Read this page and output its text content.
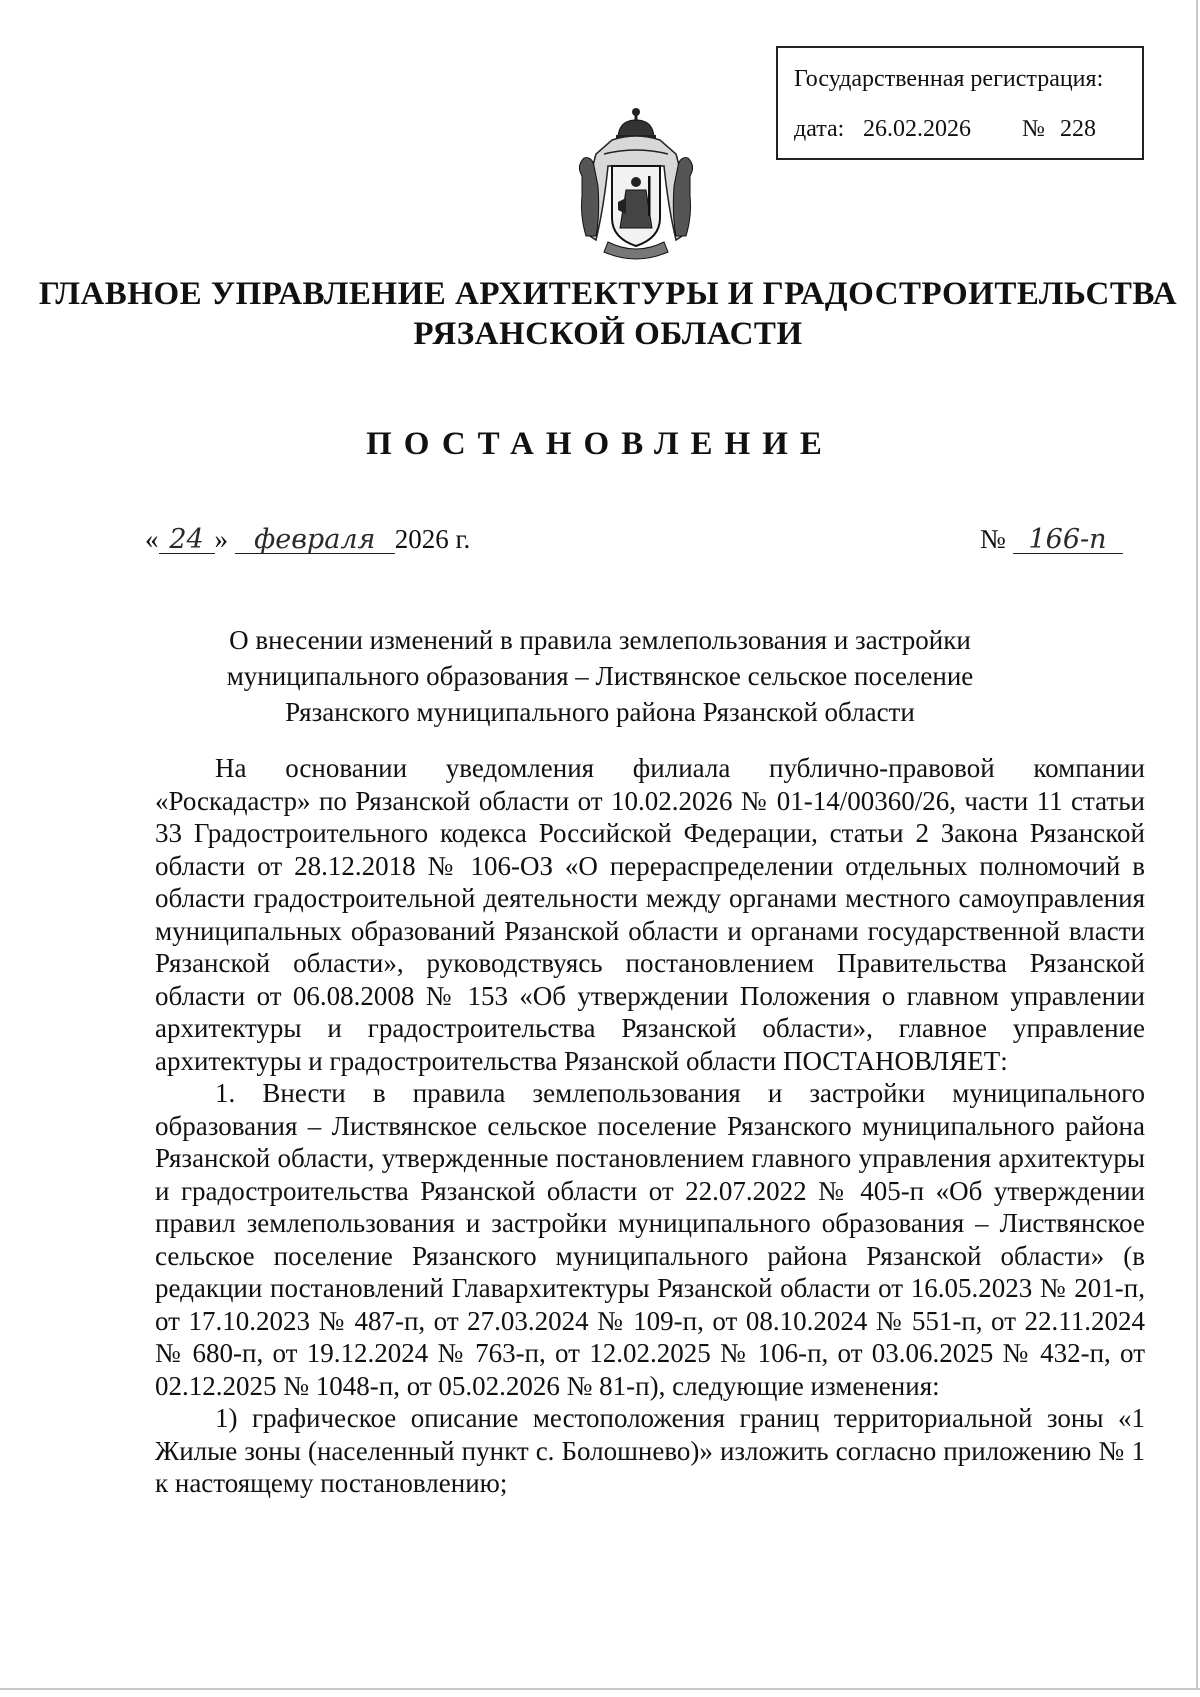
Государственная регистрация:
дата: 26.02.2026 № 228
ГЛАВНОЕ УПРАВЛЕНИЕ АРХИТЕКТУРЫ И ГРАДОСТРОИТЕЛЬСТВА
РЯЗАНСКОЙ ОБЛАСТИ
ПОСТАНОВЛЕНИЕ
« 24 » февраля 2026 г.	№ 166-п
О внесении изменений в правила землепользования и застройки
муниципального образования – Листвянское сельское поселение
Рязанского муниципального района Рязанской области

На основании уведомления филиала публично-правовой компании «Роскадастр» по Рязанской области от 10.02.2026 № 01-14/00360/26, части 11 статьи 33 Градостроительного кодекса Российской Федерации, статьи 2 Закона Рязанской области от 28.12.2018 № 106-ОЗ «О перераспределении отдельных полномочий в области градостроительной деятельности между органами местного самоуправления муниципальных образований Рязанской области и органами государственной власти Рязанской области», руководствуясь постановлением Правительства Рязанской области от 06.08.2008 № 153 «Об утверждении Положения о главном управлении архитектуры и градостроительства Рязанской области», главное управление архитектуры и градостроительства Рязанской области ПОСТАНОВЛЯЕТ:

1. Внести в правила землепользования и застройки муниципального образования – Листвянское сельское поселение Рязанского муниципального района Рязанской области, утвержденные постановлением главного управления архитектуры и градостроительства Рязанской области от 22.07.2022 № 405-п «Об утверждении правил землепользования и застройки муниципального образования – Листвянское сельское поселение Рязанского муниципального района Рязанской области» (в редакции постановлений Главархитектуры Рязанской области от 16.05.2023 № 201-п, от 17.10.2023 № 487-п, от 27.03.2024 № 109-п, от 08.10.2024 № 551-п, от 22.11.2024 № 680-п, от 19.12.2024 № 763-п, от 12.02.2025 № 106-п, от 03.06.2025 № 432-п, от 02.12.2025 № 1048-п, от 05.02.2026 № 81-п), следующие изменения:

1) графическое описание местоположения границ территориальной зоны «1 Жилые зоны (населенный пункт с. Болошнево)» изложить согласно приложению № 1 к настоящему постановлению;
